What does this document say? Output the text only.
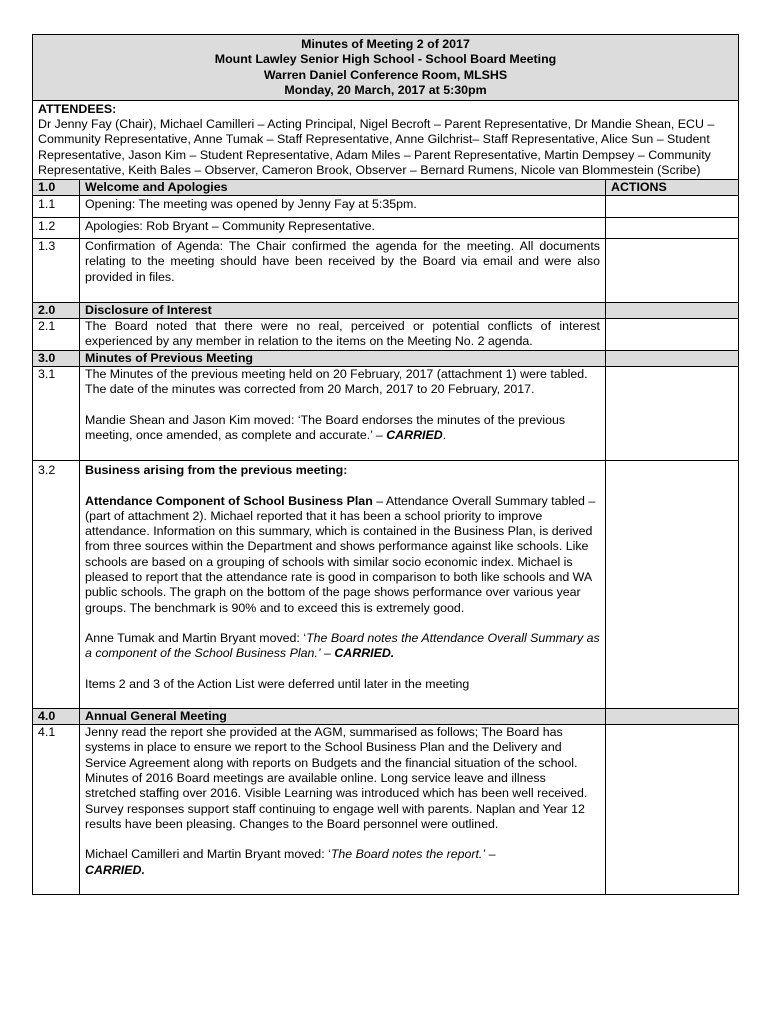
Minutes of Meeting 2 of 2017
Mount Lawley Senior High School - School Board Meeting
Warren Daniel Conference Room, MLSHS
Monday, 20 March, 2017 at 5:30pm		

ATTENDEES:
Dr Jenny Fay (Chair), Michael Camilleri – Acting Principal, Nigel Becroft – Parent Representative, Dr Mandie Shean, ECU – Community Representative, Anne Tumak – Staff Representative, Anne Gilchrist– Staff Representative, Alice Sun – Student Representative, Jason Kim – Student Representative, Adam Miles – Parent Representative, Martin Dempsey – Community Representative, Keith Bales – Observer, Cameron Brook, Observer – Bernard Rumens, Nicole van Blommestein (Scribe)		

1.0	Welcome and Apologies	ACTIONS
1.1	Opening: The meeting was opened by Jenny Fay at 5:35pm.	
1.2	Apologies: Rob Bryant – Community Representative.	
1.3	Confirmation of Agenda: The Chair confirmed the agenda for the meeting. All documents relating to the meeting should have been received by the Board via email and were also provided in files.	
2.0	Disclosure of Interest	
2.1	The Board noted that there were no real, perceived or potential conflicts of interest experienced by any member in relation to the items on the Meeting No. 2 agenda.	
3.0	Minutes of Previous Meeting	
3.1	The Minutes of the previous meeting held on 20 February, 2017 (attachment 1) were tabled. The date of the minutes was corrected from 20 March, 2017 to 20 February, 2017.

Mandie Shean and Jason Kim moved: ‘The Board endorses the minutes of the previous meeting, once amended, as complete and accurate.’ – CARRIED.	

3.2	Business arising from the previous meeting:

Attendance Component of School Business Plan – Attendance Overall Summary tabled – (part of attachment 2). Michael reported that it has been a school priority to improve attendance. Information on this summary, which is contained in the Business Plan, is derived from three sources within the Department and shows performance against like schools. Like schools are based on a grouping of schools with similar socio economic index. Michael is pleased to report that the attendance rate is good in comparison to both like schools and WA public schools. The graph on the bottom of the page shows performance over various year groups. The benchmark is 90% and to exceed this is extremely good.

Anne Tumak and Martin Bryant moved: ‘The Board notes the Attendance Overall Summary as a component of the School Business Plan.’ – CARRIED.

Items 2 and 3 of the Action List were deferred until later in the meeting	

4.0	Annual General Meeting	
4.1	Jenny read the report she provided at the AGM, summarised as follows; The Board has systems in place to ensure we report to the School Business Plan and the Delivery and Service Agreement along with reports on Budgets and the financial situation of the school. Minutes of 2016 Board meetings are available online. Long service leave and illness stretched staffing over 2016. Visible Learning was introduced which has been well received. Survey responses support staff continuing to engage well with parents. Naplan and Year 12 results have been pleasing. Changes to the Board personnel were outlined.

Michael Camilleri and Martin Bryant moved: ‘The Board notes the report.’ –
CARRIED.	
